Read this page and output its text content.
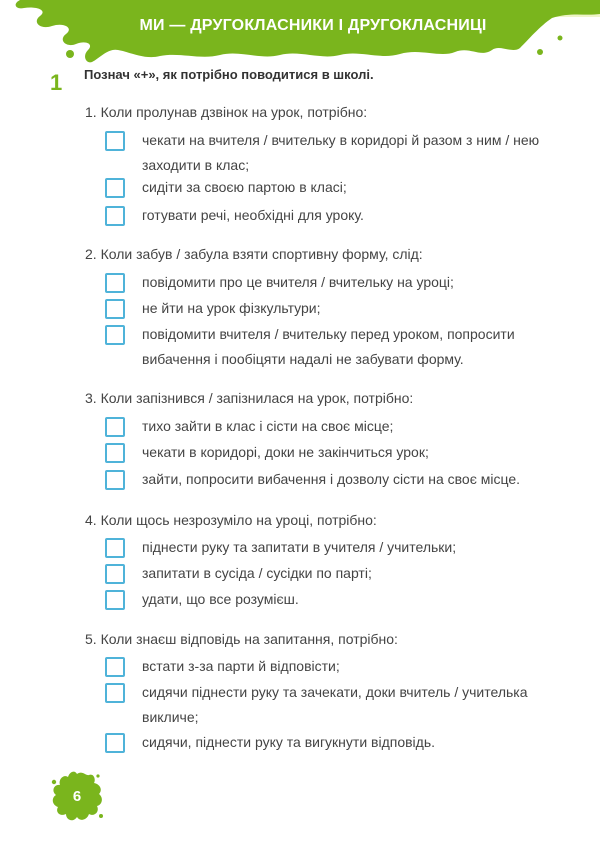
МИ — ДРУГОКЛАСНИКИ І ДРУГОКЛАСНИЦІ
1 Познач «+», як потрібно поводитися в школі.
1. Коли пролунав дзвінок на урок, потрібно:
чекати на вчителя / вчительку в коридорі й разом з ним / нею заходити в клас;
сидіти за своєю партою в класі;
готувати речі, необхідні для уроку.
2. Коли забув / забула взяти спортивну форму, слід:
повідомити про це вчителя / вчительку на уроці;
не йти на урок фізкультури;
повідомити вчителя / вчительку перед уроком, попросити вибачення і пообіцяти надалі не забувати форму.
3. Коли запізнився / запізнилася на урок, потрібно:
тихо зайти в клас і сісти на своє місце;
чекати в коридорі, доки не закінчиться урок;
зайти, попросити вибачення і дозволу сісти на своє місце.
4. Коли щось незрозуміло на уроці, потрібно:
піднести руку та запитати в учителя / учительки;
запитати в сусіда / сусідки по парті;
удати, що все розумієш.
5. Коли знаєш відповідь на запитання, потрібно:
встати з-за парти й відповісти;
сидячи піднести руку та зачекати, доки вчитель / учителька викличе;
сидячи, піднести руку та вигукнути відповідь.
6
